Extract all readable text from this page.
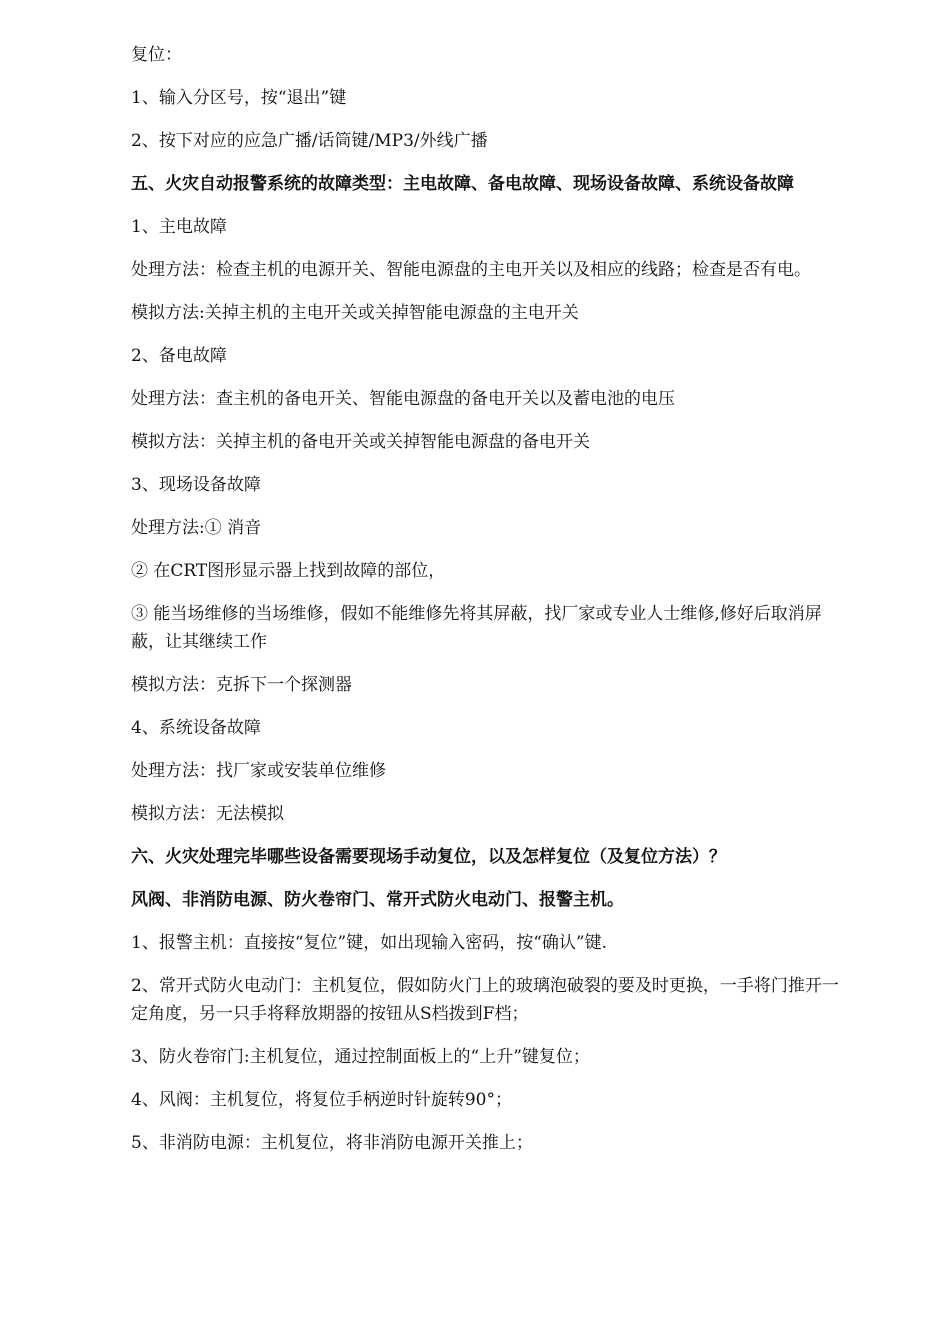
复位：

1、输入分区号，按“退出”键

2、按下对应的应急广播/话筒键/MP3/外线广播

五、火灾自动报警系统的故障类型：主电故障、备电故障、现场设备故障、系统设备故障

1、主电故障

处理方法：检查主机的电源开关、智能电源盘的主电开关以及相应的线路；检查是否有电。

模拟方法:关掉主机的主电开关或关掉智能电源盘的主电开关

2、备电故障

处理方法：查主机的备电开关、智能电源盘的备电开关以及蓄电池的电压

模拟方法：关掉主机的备电开关或关掉智能电源盘的备电开关

3、现场设备故障

处理方法:① 消音

② 在CRT图形显示器上找到故障的部位，

③ 能当场维修的当场维修，假如不能维修先将其屏蔽，找厂家或专业人士维修,修好后取消屏蔽，让其继续工作

模拟方法：克拆下一个探测器

4、系统设备故障

处理方法：找厂家或安装单位维修

模拟方法：无法模拟

六、火灾处理完毕哪些设备需要现场手动复位，以及怎样复位（及复位方法）？

风阀、非消防电源、防火卷帘门、常开式防火电动门、报警主机。

1、报警主机：直接按“复位”键，如出现输入密码，按“确认”键.

2、常开式防火电动门：主机复位，假如防火门上的玻璃泡破裂的要及时更换，一手将门推开一定角度，另一只手将释放期器的按钮从S档拨到F档；

3、防火卷帘门:主机复位，通过控制面板上的“上升”键复位；

4、风阀：主机复位，将复位手柄逆时针旋转90°；

5、非消防电源：主机复位，将非消防电源开关推上；
